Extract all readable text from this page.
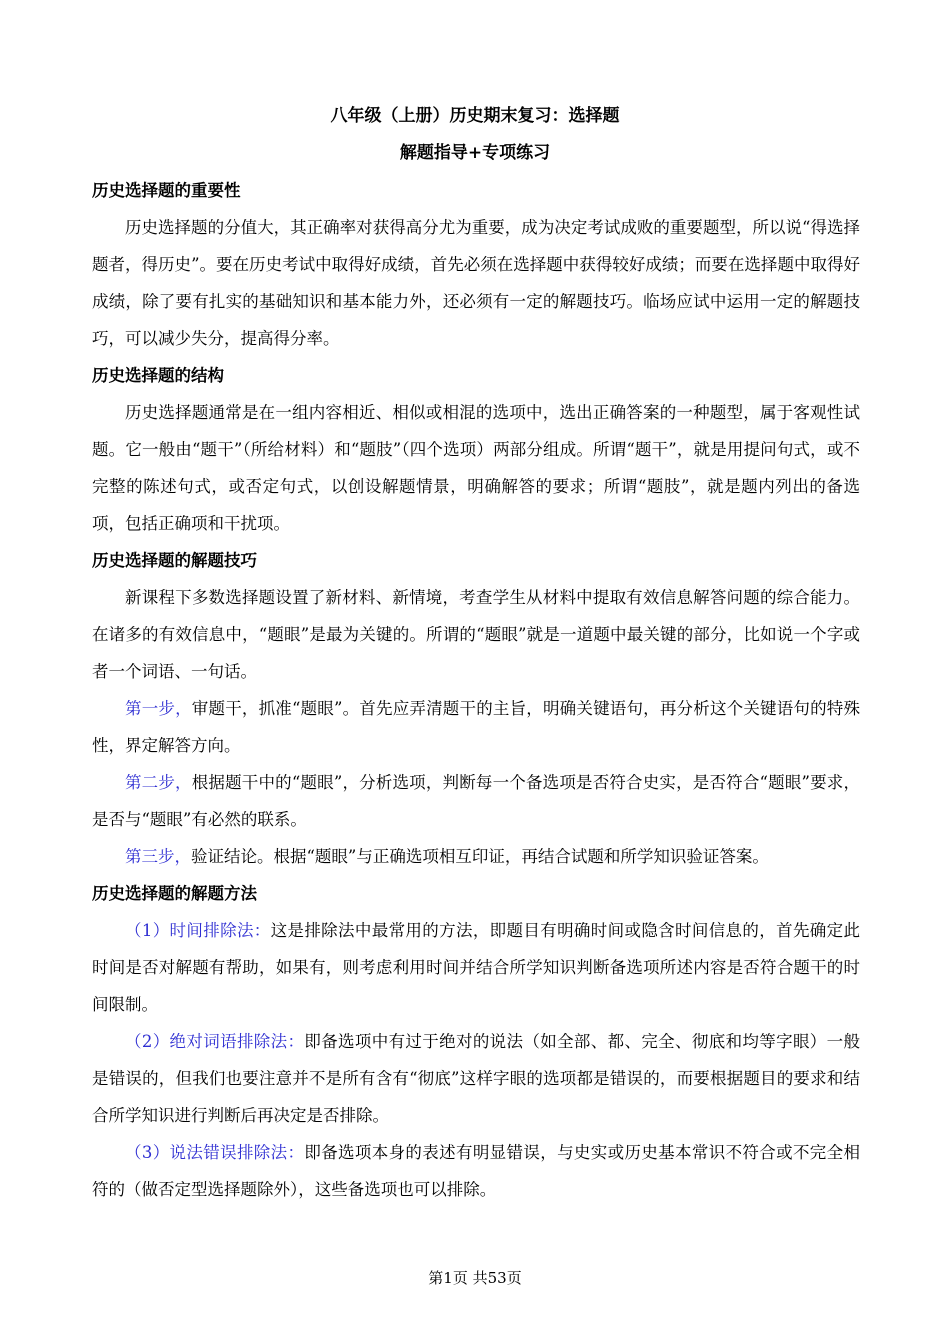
八年级（上册）历史期末复习：选择题
解题指导+专项练习
历史选择题的重要性

历史选择题的分值大，其正确率对获得高分尤为重要，成为决定考试成败的重要题型，所以说“得选择题者，得历史”。要在历史考试中取得好成绩，首先必须在选择题中获得较好成绩；而要在选择题中取得好成绩，除了要有扎实的基础知识和基本能力外，还必须有一定的解题技巧。临场应试中运用一定的解题技巧，可以减少失分，提高得分率。

历史选择题的结构

历史选择题通常是在一组内容相近、相似或相混的选项中，选出正确答案的一种题型，属于客观性试题。它一般由“题干”（所给材料）和“题肢”（四个选项）两部分组成。所谓“题干”，就是用提问句式，或不完整的陈述句式，或否定句式，以创设解题情景，明确解答的要求；所谓“题肢”，就是题内列出的备选项，包括正确项和干扰项。

历史选择题的解题技巧

新课程下多数选择题设置了新材料、新情境，考查学生从材料中提取有效信息解答问题的综合能力。在诸多的有效信息中，“题眼”是最为关键的。所谓的“题眼”就是一道题中最关键的部分，比如说一个字或者一个词语、一句话。

第一步，审题干，抓准“题眼”。首先应弄清题干的主旨，明确关键语句，再分析这个关键语句的特殊性，界定解答方向。

第二步，根据题干中的“题眼”，分析选项，判断每一个备选项是否符合史实，是否符合“题眼”要求，是否与“题眼”有必然的联系。

第三步，验证结论。根据“题眼”与正确选项相互印证，再结合试题和所学知识验证答案。

历史选择题的解题方法

（1）时间排除法：这是排除法中最常用的方法，即题目有明确时间或隐含时间信息的，首先确定此时间是否对解题有帮助，如果有，则考虑利用时间并结合所学知识判断备选项所述内容是否符合题干的时间限制。

（2）绝对词语排除法：即备选项中有过于绝对的说法（如全部、都、完全、彻底和均等字眼）一般是错误的，但我们也要注意并不是所有含有“彻底”这样字眼的选项都是错误的，而要根据题目的要求和结合所学知识进行判断后再决定是否排除。

（3）说法错误排除法：即备选项本身的表述有明显错误，与史实或历史基本常识不符合或不完全相符的（做否定型选择题除外），这些备选项也可以排除。

第1页 共53页
